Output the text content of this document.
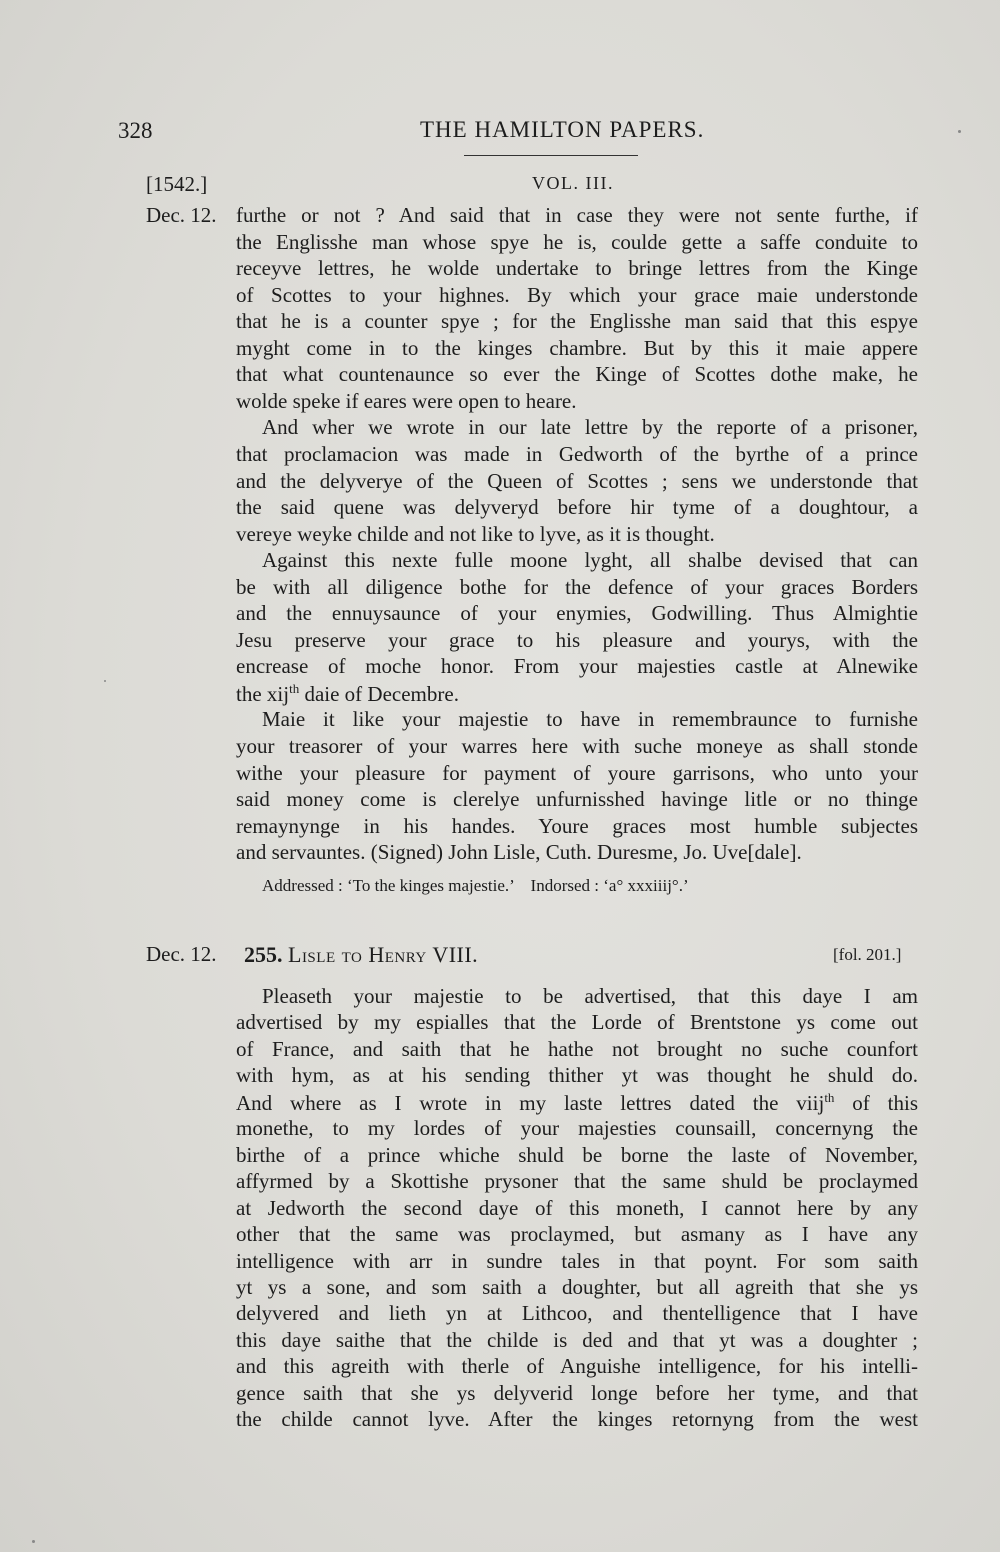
328	THE HAMILTON PAPERS.
[1542.]	VOL. III.
Dec. 12. furthe or not ? And said that in case they were not sente furthe, if
the Englisshe man whose spye he is, coulde gette a saffe conduite to
receyve lettres, he wolde undertake to bringe lettres from the Kinge
of Scottes to your highnes. By which your grace maie understonde
that he is a counter spye ; for the Englisshe man said that this espye
myght come in to the kinges chambre. But by this it maie appere
that what countenaunce so ever the Kinge of Scottes dothe make, he
wolde speke if eares were open to heare.
And wher we wrote in our late lettre by the reporte of a prisoner,
that proclamacion was made in Gedworth of the byrthe of a prince
and the delyverye of the Queen of Scottes ; sens we understonde that
the said quene was delyveryd before hir tyme of a doughtour, a
vereye weyke childe and not like to lyve, as it is thought.
Against this nexte fulle moone lyght, all shalbe devised that can
be with all diligence bothe for the defence of your graces Borders
and the ennuysaunce of your enymies, Godwilling. Thus Almightie
Jesu preserve your grace to his pleasure and yourys, with the
encrease of moche honor. From your majesties castle at Alnewike
the xij$^{th}$ daie of Decembre.
Maie it like your majestie to have in remembraunce to furnishe
your treasorer of your warres here with suche moneye as shall stonde
withe your pleasure for payment of youre garrisons, who unto your
said money come is clerelye unfurnisshed havinge litle or no thinge
remaynynge in his handes. Youre graces most humble subjectes
and servauntes. (Signed) John Lisle, Cuth. Duresme, Jo. Uve[dale].
Addressed : ‘To the kinges majestie.’ Indorsed : ‘a° xxxiiij°.’
Dec. 12. 255. Lisle to Henry VIII.	[fol. 201.]
Pleaseth your majestie to be advertised, that this daye I am
advertised by my espialles that the Lorde of Brentstone ys come out
of France, and saith that he hathe not brought no suche counfort
with hym, as at his sending thither yt was thought he shuld do.
And where as I wrote in my laste lettres dated the viij$^{th}$ of this
monethe, to my lordes of your majesties counsaill, concernyng the
birthe of a prince whiche shuld be borne the laste of November,
affyrmed by a Skottishe prysoner that the same shuld be proclaymed
at Jedworth the second daye of this moneth, I cannot here by any
other that the same was proclaymed, but asmany as I have any
intelligence with arr in sundre tales in that poynt. For som saith
yt ys a sone, and som saith a doughter, but all agreith that she ys
delyvered and lieth yn at Lithcoo, and thentelligence that I have
this daye saithe that the childe is ded and that yt was a doughter ;
and this agreith with therle of Anguishe intelligence, for his intelli-
gence saith that she ys delyverid longe before her tyme, and that
the childe cannot lyve. After the kinges retornyng from the west
